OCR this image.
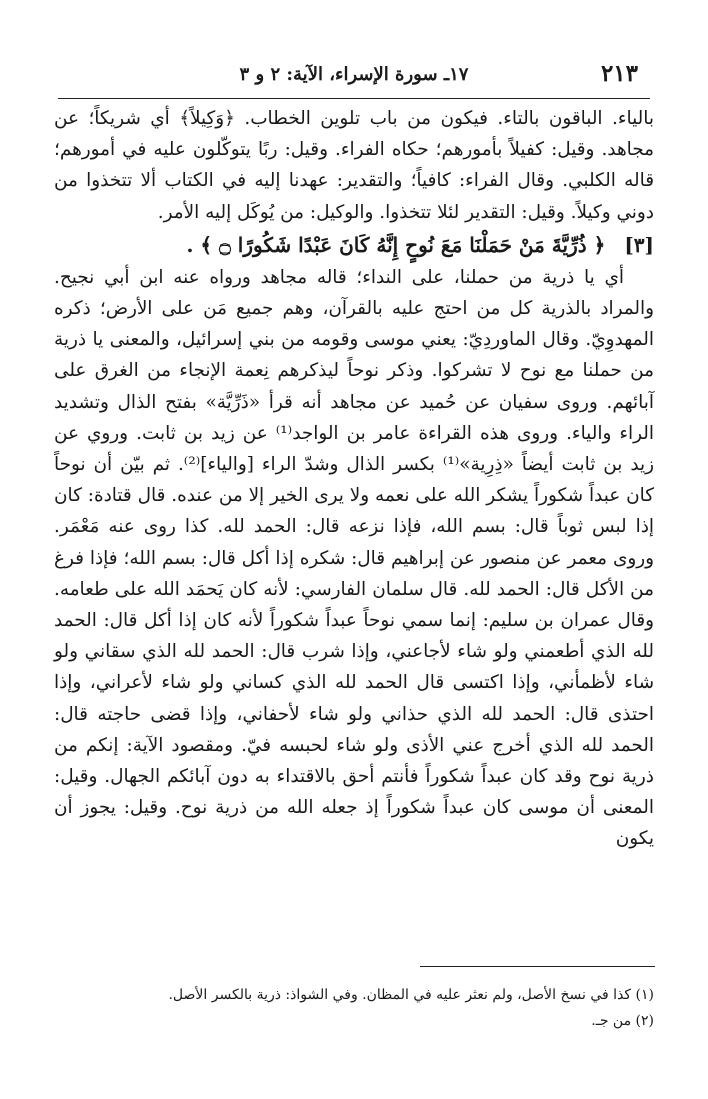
٢١٣
١٧ـ سورة الإسراء، الآية: ٢ و ٣

بالياء. الباقون بالتاء. فيكون من باب تلوين الخطاب. ﴿وَكِيلاً﴾ أي شريكاً؛ عن مجاهد. وقيل: كفيلاً بأمورهم؛ حكاه الفراء. وقيل: ربًا يتوكّلون عليه في أمورهم؛ قاله الكلبي. وقال الفراء: كافياً؛ والتقدير: عهدنا إليه في الكتاب ألا تتخذوا من دوني وكيلاً. وقيل: التقدير لئلا تتخذوا. والوكيل: من يُوكَل إليه الأمر.

[٣] ﴿ ذُرِّيَّةَ مَنْ حَمَلْنَا مَعَ نُوحٍ إِنَّهُ كَانَ عَبْدًا شَكُورًا ۝ ﴾ .

أي يا ذرية من حملنا، على النداء؛ قاله مجاهد ورواه عنه ابن أبي نجيح. والمراد بالذرية كل من احتج عليه بالقرآن، وهم جميع مَن على الأرض؛ ذكره المهدوِيّ. وقال الماوردِيّ: يعني موسى وقومه من بني إسرائيل، والمعنى يا ذرية من حملنا مع نوح لا تشركوا. وذكر نوحاً ليذكرهم نِعمة الإنجاء من الغرق على آبائهم. وروى سفيان عن حُميد عن مجاهد أنه قرأ «ذَرِّيَّة» بفتح الذال وتشديد الراء والياء. وروى هذه القراءة عامر بن الواجد⁽¹⁾ عن زيد بن ثابت. وروي عن زيد بن ثابت أيضاً «ذِرِية»⁽¹⁾ بكسر الذال وشدّ الراء [والياء]⁽²⁾. ثم بيّن أن نوحاً كان عبداً شكوراً يشكر الله على نعمه ولا يرى الخير إلا من عنده. قال قتادة: كان إذا لبس ثوباً قال: بسم الله، فإذا نزعه قال: الحمد لله. كذا روى عنه مَعْمَر. وروى معمر عن منصور عن إبراهيم قال: شكره إذا أكل قال: بسم الله؛ فإذا فرغ من الأكل قال: الحمد لله. قال سلمان الفارسي: لأنه كان يَحمَد الله على طعامه. وقال عمران بن سليم: إنما سمي نوحاً عبداً شكوراً لأنه كان إذا أكل قال: الحمد لله الذي أطعمني ولو شاء لأجاعني، وإذا شرب قال: الحمد لله الذي سقاني ولو شاء لأظمأني، وإذا اكتسى قال الحمد لله الذي كساني ولو شاء لأعراني، وإذا احتذى قال: الحمد لله الذي حذاني ولو شاء لأحفاني، وإذا قضى حاجته قال: الحمد لله الذي أخرج عني الأذى ولو شاء لحبسه فيّ. ومقصود الآية: إنكم من ذرية نوح وقد كان عبداً شكوراً فأنتم أحق بالاقتداء به دون آبائكم الجهال. وقيل: المعنى أن موسى كان عبداً شكوراً إذ جعله الله من ذرية نوح. وقيل: يجوز أن يكون

(١) كذا في نسخ الأصل، ولم نعثر عليه في المظان. وفي الشواذ: ذرية بالكسر الأصل.
(٢) من جـ.
